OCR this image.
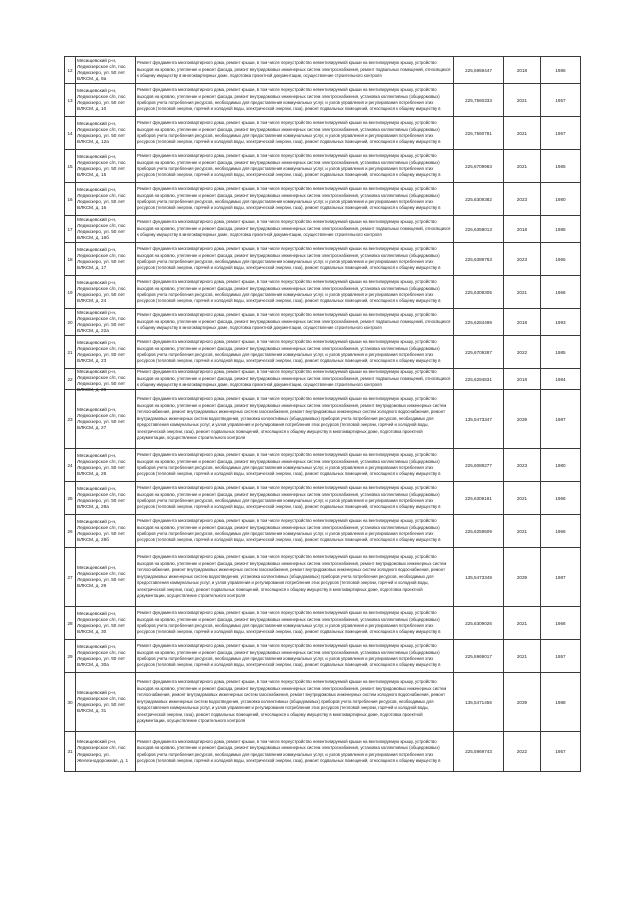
12	Мясищевский р-н, Ледмозерское с/п, пос Ледмозеро, ул. 50 лет ВЛКСМ, д. 9а	Ремонт фундамента многоквартирного дома, ремонт крыши, в том числе переустройство невентилируемой крыши на вентилируемую крышу, устройство выходов на кровлю, утепление и ремонт фасада, ремонт внутридомовых инженерных систем электроснабжения, ремонт подвальных помещений, относящихся к общему имуществу в многоквартирных доме, подготовка проектной документации, осуществление строительного контроля	225,6959447	2018	1986
13	Мясищевский р-н, Ледмозерское с/п, пос Ледмозеро, ул. 50 лет ВЛКСМ, д. 10	Ремонт фундамента многоквартирного дома, ремонт крыши, в том числе переустройство невентилируемой крыши на вентилируемую крышу, устройство выходов на кровлю, утепление и ремонт фасада, ремонт внутридомовых инженерных систем электроснабжения, установка коллективных (общедомовых) приборов учета потребления ресурсов, необходимых для предоставления коммунальных услуг, и узлов управления и регулирования потребления этих ресурсов (тепловой энергии, горячей и холодной воды, электрической энергии, газа), ремонт подвальных помещений, относящихся к общему имуществу в	225,7560333	2021	1957
14	Мясищевский р-н, Ледмозерское с/п, пос Ледмозеро, ул. 50 лет ВЛКСМ, д. 12а	Ремонт фундамента многоквартирного дома, ремонт крыши, в том числе переустройство невентилируемой крыши на вентилируемую крышу, устройство выходов на кровлю, утепление и ремонт фасада, ремонт внутридомовых инженерных систем электроснабжения, установка коллективных (общедомовых) приборов учета потребления ресурсов, необходимых для предоставления коммунальных услуг, и узлов управления и регулирования потребления этих ресурсов (тепловой энергии, горячей и холодной воды, электрической энергии, газа), ремонт подвальных помещений, относящихся к общему имуществу в	225,7560781	2021	1957
15	Мясищевский р-н, Ледмозерское с/п, пос Ледмозеро, ул. 50 лет ВЛКСМ, д. 15	Ремонт фундамента многоквартирного дома, ремонт крыши, в том числе переустройство невентилируемой крыши на вентилируемую крышу, устройство выходов на кровлю, утепление и ремонт фасада, ремонт внутридомовых инженерных систем электроснабжения, установка коллективных (общедомовых) приборов учета потребления ресурсов, необходимых для предоставления коммунальных услуг, и узлов управления и регулирования потребления этих ресурсов (тепловой энергии, горячей и холодной воды, электрической энергии, газа), ремонт подвальных помещений, относящихся к общему имуществу в	225,6709963	2021	1965
16	Мясищевский р-н, Ледмозерское с/п, пос Ледмозеро, ул. 50 лет ВЛКСМ, д. 16	Ремонт фундамента многоквартирного дома, ремонт крыши, в том числе переустройство невентилируемой крыши на вентилируемую крышу, устройство выходов на кровлю, утепление и ремонт фасада, ремонт внутридомовых инженерных систем электроснабжения, установка коллективных (общедомовых) приборов учета потребления ресурсов, необходимых для предоставления коммунальных услуг, и узлов управления и регулирования потребления этих ресурсов (тепловой энергии, горячей и холодной воды, электрической энергии, газа), ремонт подвальных помещений, относящихся к общему имуществу в	225,6309382	2023	1980
17	Мясищевский р-н, Ледмозерское с/п, пос Ледмозеро, ул. 50 лет ВЛКСМ, д. 16б	Ремонт фундамента многоквартирного дома, ремонт крыши, в том числе переустройство невентилируемой крыши на вентилируемую крышу, устройство выходов на кровлю, утепление и ремонт фасада, ремонт внутридомовых инженерных систем электроснабжения, ремонт подвальных помещений, относящихся к общему имуществу в многоквартирных доме, подготовка проектной документации, осуществление строительного контроля	225,6359013	2018	1985
18	Мясищевский р-н, Ледмозерское с/п, пос Ледмозеро, ул. 50 лет ВЛКСМ, д. 17	Ремонт фундамента многоквартирного дома, ремонт крыши, в том числе переустройство невентилируемой крыши на вентилируемую крышу, устройство выходов на кровлю, утепление и ремонт фасада, ремонт внутридомовых инженерных систем электроснабжения, установка коллективных (общедомовых) приборов учета потребления ресурсов, необходимых для предоставления коммунальных услуг, и узлов управления и регулирования потребления этих ресурсов (тепловой энергии, горячей и холодной воды, электрической энергии, газа), ремонт подвальных помещений, относящихся к общему имуществу в	225,6389763	2023	1965
19	Мясищевский р-н, Ледмозерское с/п, пос Ледмозеро, ул. 50 лет ВЛКСМ, д. 24	Ремонт фундамента многоквартирного дома, ремонт крыши, в том числе переустройство невентилируемой крыши на вентилируемую крышу, устройство выходов на кровлю, утепление и ремонт фасада, ремонт внутридомовых инженерных систем электроснабжения, установка коллективных (общедомовых) приборов учета потребления ресурсов, необходимых для предоставления коммунальных услуг, и узлов управления и регулирования потребления этих ресурсов (тепловой энергии, горячей и холодной воды, электрической энергии, газа), ремонт подвальных помещений, относящихся к общему имуществу в	225,6309305	2021	1966
20	Мясищевский р-н, Ледмозерское с/п, пос Ледмозеро, ул. 50 лет ВЛКСМ, д. 22а	Ремонт фундамента многоквартирного дома, ремонт крыши, в том числе переустройство невентилируемой крыши на вентилируемую крышу, устройство выходов на кровлю, утепление и ремонт фасада, ремонт внутридомовых инженерных систем электроснабжения, ремонт подвальных помещений, относящихся к общему имуществу в многоквартирных доме, подготовка проектной документации, осуществление строительного контроля	225,6284499	2018	1993
21	Мясищевский р-н, Ледмозерское с/п, пос Ледмозеро, ул. 50 лет ВЛКСМ, д. 23	Ремонт фундамента многоквартирного дома, ремонт крыши, в том числе переустройство невентилируемой крыши на вентилируемую крышу, устройство выходов на кровлю, утепление и ремонт фасада, ремонт внутридомовых инженерных систем электроснабжения, установка коллективных (общедомовых) приборов учета потребления ресурсов, необходимых для предоставления коммунальных услуг, и узлов управления и регулирования потребления этих ресурсов (тепловой энергии, горячей и холодной воды, электрической энергии, газа), ремонт подвальных помещений, относящихся к общему имуществу в	225,6709287	2022	1985
22	Мясищевский р-н, Ледмозерское с/п, пос Ледмозеро, ул. 50 лет ВЛКСМ, д. 26	Ремонт фундамента многоквартирного дома, ремонт крыши, в том числе переустройство невентилируемой крыши на вентилируемую крышу, устройство выходов на кровлю, утепление и ремонт фасада, ремонт внутридомовых инженерных систем электроснабжения, ремонт подвальных помещений, относящихся к общему имуществу в многоквартирных доме, подготовка проектной документации, осуществление строительного контроля	225,6294831	2018	1984
23	Мясищевский р-н, Ледмозерское с/п, пос Ледмозеро, ул. 50 лет ВЛКСМ, д. 27	Ремонт фундамента многоквартирного дома, ремонт крыши, в том числе переустройство невентилируемой крыши на вентилируемую крышу, устройство выходов на кровлю, утепление и ремонт фасада, ремонт внутридомовых инженерных систем электроснабжения, ремонт внутридомовых инженерных систем теплоснабжения, ремонт внутридомовых инженерных систем газоснабжения, ремонт внутридомовых инженерных систем холодного водоснабжения, ремонт внутридомовых инженерных систем водоотведения, установка коллективных (общедомовых) приборов учета потребления ресурсов, необходимых для предоставления коммунальных услуг, и узлов управления и регулирования потребления этих ресурсов (тепловой энергии, горячей и холодной воды, электрической энергии, газа), ремонт подвальных помещений, относящихся к общему имуществу в многоквартирных доме, подготовка проектной документации, осуществление строительного контроля	135,5473347	2039	1987
24	Мясищевский р-н, Ледмозерское с/п, пос Ледмозеро, ул. 50 лет ВЛКСМ, д. 28	Ремонт фундамента многоквартирного дома, ремонт крыши, в том числе переустройство невентилируемой крыши на вентилируемую крышу, устройство выходов на кровлю, утепление и ремонт фасада, ремонт внутридомовых инженерных систем электроснабжения, установка коллективных (общедомовых) приборов учета потребления ресурсов, необходимых для предоставления коммунальных услуг, и узлов управления и регулирования потребления этих ресурсов (тепловой энергии, горячей и холодной воды, электрической энергии, газа), ремонт подвальных помещений, относящихся к общему имуществу в	225,6089277	2023	1980
25	Мясищевский р-н, Ледмозерское с/п, пос Ледмозеро, ул. 50 лет ВЛКСМ, д. 28а	Ремонт фундамента многоквартирного дома, ремонт крыши, в том числе переустройство невентилируемой крыши на вентилируемую крышу, устройство выходов на кровлю, утепление и ремонт фасада, ремонт внутридомовых инженерных систем электроснабжения, установка коллективных (общедомовых) приборов учета потребления ресурсов, необходимых для предоставления коммунальных услуг, и узлов управления и регулирования потребления этих ресурсов (тепловой энергии, горячей и холодной воды, электрической энергии, газа), ремонт подвальных помещений, относящихся к общему имуществу в	225,6309181	2021	1966
26	Мясищевский р-н, Ледмозерское с/п, пос Ледмозеро, ул. 50 лет ВЛКСМ, д. 28б	Ремонт фундамента многоквартирного дома, ремонт крыши, в том числе переустройство невентилируемой крыши на вентилируемую крышу, устройство выходов на кровлю, утепление и ремонт фасада, ремонт внутридомовых инженерных систем электроснабжения, установка коллективных (общедомовых) приборов учета потребления ресурсов, необходимых для предоставления коммунальных услуг, и узлов управления и регулирования потребления этих ресурсов (тепловой энергии, горячей и холодной воды, электрической энергии, газа), ремонт подвальных помещений, относящихся к общему имуществу в	225,6259509	2021	1966
27	Мясищевский р-н, Ледмозерское с/п, пос Ледмозеро, ул. 50 лет ВЛКСМ, д. 29	Ремонт фундамента многоквартирного дома, ремонт крыши, в том числе переустройство невентилируемой крыши на вентилируемую крышу, устройство выходов на кровлю, утепление и ремонт фасада, ремонт внутридомовых инженерных систем электроснабжения, ремонт внутридомовых инженерных систем теплоснабжения, ремонт внутридомовых инженерных систем газоснабжения, ремонт внутридомовых инженерных систем холодного водоснабжения, ремонт внутридомовых инженерных систем водоотведения, установка коллективных (общедомовых) приборов учета потребления ресурсов, необходимых для предоставления коммунальных услуг, и узлов управления и регулирования потребления этих ресурсов (тепловой энергии, горячей и холодной воды, электрической энергии, газа), ремонт подвальных помещений, относящихся к общему имуществу в многоквартирных доме, подготовка проектной документации, осуществление строительного контроля	135,5473349	2039	1987
28	Мясищевский р-н, Ледмозерское с/п, пос Ледмозеро, ул. 50 лет ВЛКСМ, д. 30	Ремонт фундамента многоквартирного дома, ремонт крыши, в том числе переустройство невентилируемой крыши на вентилируемую крышу, устройство выходов на кровлю, утепление и ремонт фасада, ремонт внутридомовых инженерных систем электроснабжения, установка коллективных (общедомовых) приборов учета потребления ресурсов, необходимых для предоставления коммунальных услуг, и узлов управления и регулирования потребления этих ресурсов (тепловой энергии, горячей и холодной воды, электрической энергии, газа), ремонт подвальных помещений, относящихся к общему имуществу в	225,6309026	2021	1966
29	Мясищевский р-н, Ледмозерское с/п, пос Ледмозеро, ул. 50 лет ВЛКСМ, д. 30а	Ремонт фундамента многоквартирного дома, ремонт крыши, в том числе переустройство невентилируемой крыши на вентилируемую крышу, устройство выходов на кровлю, утепление и ремонт фасада, ремонт внутридомовых инженерных систем электроснабжения, установка коллективных (общедомовых) приборов учета потребления ресурсов, необходимых для предоставления коммунальных услуг, и узлов управления и регулирования потребления этих ресурсов (тепловой энергии, горячей и холодной воды, электрической энергии, газа), ремонт подвальных помещений, относящихся к общему имуществу в	225,5969017	2021	1957
30	Мясищевский р-н, Ледмозерское с/п, пос Ледмозеро, ул. 50 лет ВЛКСМ, д. 31	Ремонт фундамента многоквартирного дома, ремонт крыши, в том числе переустройство невентилируемой крыши на вентилируемую крышу, устройство выходов на кровлю, утепление и ремонт фасада, ремонт внутридомовых инженерных систем электроснабжения, ремонт внутридомовых инженерных систем теплоснабжения, ремонт внутридомовых инженерных систем газоснабжения, ремонт внутридомовых инженерных систем холодного водоснабжения, ремонт внутридомовых инженерных систем водоотведения, установка коллективных (общедомовых) приборов учета потребления ресурсов, необходимых для предоставления коммунальных услуг, и узлов управления и регулирования потребления этих ресурсов (тепловой энергии, горячей и холодной воды, электрической энергии, газа), ремонт подвальных помещений, относящихся к общему имуществу в многоквартирных доме, подготовка проектной документации, осуществление строительного контроля	135,5471456	2039	1988
31	Мясищевский р-н, Ледмозерское с/п, пос Ледмозеро, ул. Железнодорожная, д. 1	Ремонт фундамента многоквартирного дома, ремонт крыши, в том числе переустройство невентилируемой крыши на вентилируемую крышу, устройство выходов на кровлю, утепление и ремонт фасада, ремонт внутридомовых инженерных систем электроснабжения, установка коллективных (общедомовых) приборов учета потребления ресурсов, необходимых для предоставления коммунальных услуг, и узлов управления и регулирования потребления этих ресурсов (тепловой энергии, горячей и холодной воды, электрической энергии, газа), ремонт подвальных помещений, относящихся к общему имуществу в	225,5969743	2022	1957
